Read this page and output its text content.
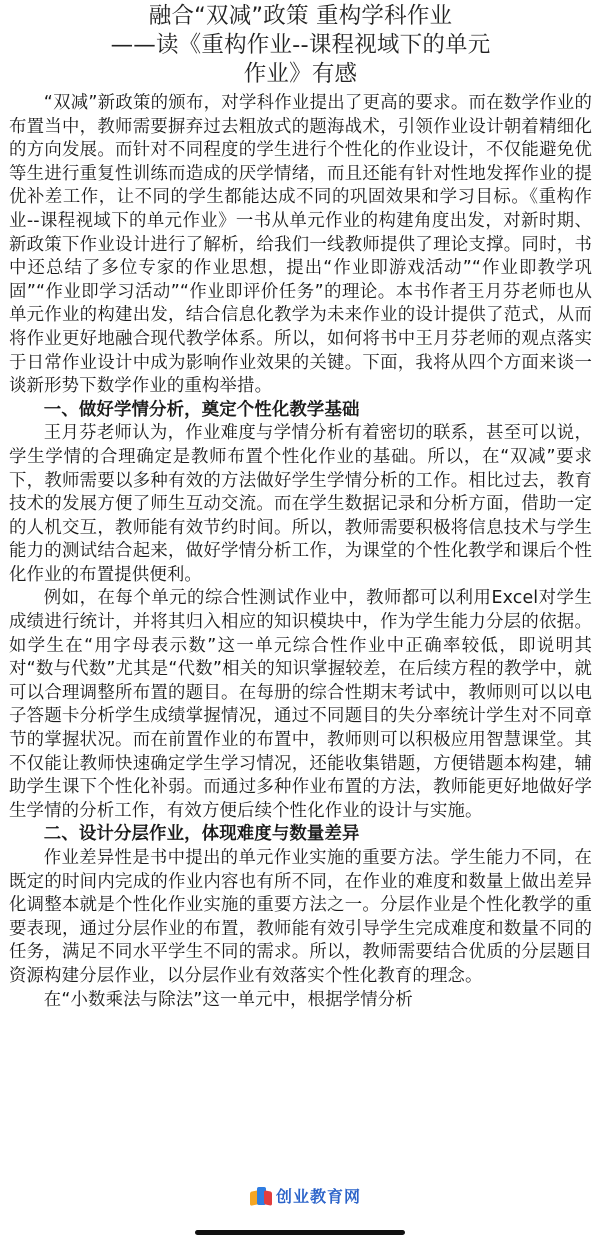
融合“双减”政策 重构学科作业
——读《重构作业--课程视域下的单元
作业》有感

“双减”新政策的颁布，对学科作业提出了更高的要求。而在数学作业的布置当中，教师需要摒弃过去粗放式的题海战术，引领作业设计朝着精细化的方向发展。而针对不同程度的学生进行个性化的作业设计，不仅能避免优等生进行重复性训练而造成的厌学情绪，而且还能有针对性地发挥作业的提优补差工作，让不同的学生都能达成不同的巩固效果和学习目标。《重构作业--课程视域下的单元作业》一书从单元作业的构建角度出发，对新时期、新政策下作业设计进行了解析，给我们一线教师提供了理论支撑。同时，书中还总结了多位专家的作业思想，提出“作业即游戏活动”“作业即教学巩固”“作业即学习活动”“作业即评价任务”的理论。本书作者王月芬老师也从单元作业的构建出发，结合信息化教学为未来作业的设计提供了范式，从而将作业更好地融合现代教学体系。所以，如何将书中王月芬老师的观点落实于日常作业设计中成为影响作业效果的关键。下面，我将从四个方面来谈一谈新形势下数学作业的重构举措。

一、做好学情分析，奠定个性化教学基础

王月芬老师认为，作业难度与学情分析有着密切的联系，甚至可以说，学生学情的合理确定是教师布置个性化作业的基础。所以，在“双减”要求下，教师需要以多种有效的方法做好学生学情分析的工作。相比过去，教育技术的发展方便了师生互动交流。而在学生数据记录和分析方面，借助一定的人机交互，教师能有效节约时间。所以，教师需要积极将信息技术与学生能力的测试结合起来，做好学情分析工作，为课堂的个性化教学和课后个性化作业的布置提供便利。

例如，在每个单元的综合性测试作业中，教师都可以利用Excel对学生成绩进行统计，并将其归入相应的知识模块中，作为学生能力分层的依据。如学生在“用字母表示数”这一单元综合性作业中正确率较低，即说明其对“数与代数”尤其是“代数”相关的知识掌握较差，在后续方程的教学中，就可以合理调整所布置的题目。在每册的综合性期末考试中，教师则可以以电子答题卡分析学生成绩掌握情况，通过不同题目的失分率统计学生对不同章节的掌握状况。而在前置作业的布置中，教师则可以积极应用智慧课堂。其不仅能让教师快速确定学生学习情况，还能收集错题，方便错题本构建，辅助学生课下个性化补弱。而通过多种作业布置的方法，教师能更好地做好学生学情的分析工作，有效方便后续个性化作业的设计与实施。

二、设计分层作业，体现难度与数量差异

作业差异性是书中提出的单元作业实施的重要方法。学生能力不同，在既定的时间内完成的作业内容也有所不同，在作业的难度和数量上做出差异化调整本就是个性化作业实施的重要方法之一。分层作业是个性化教学的重要表现，通过分层作业的布置，教师能有效引导学生完成难度和数量不同的任务，满足不同水平学生不同的需求。所以，教师需要结合优质的分层题目资源构建分层作业，以分层作业有效落实个性化教育的理念。

在“小数乘法与除法”这一单元中，根据学情分析

创业教育网
